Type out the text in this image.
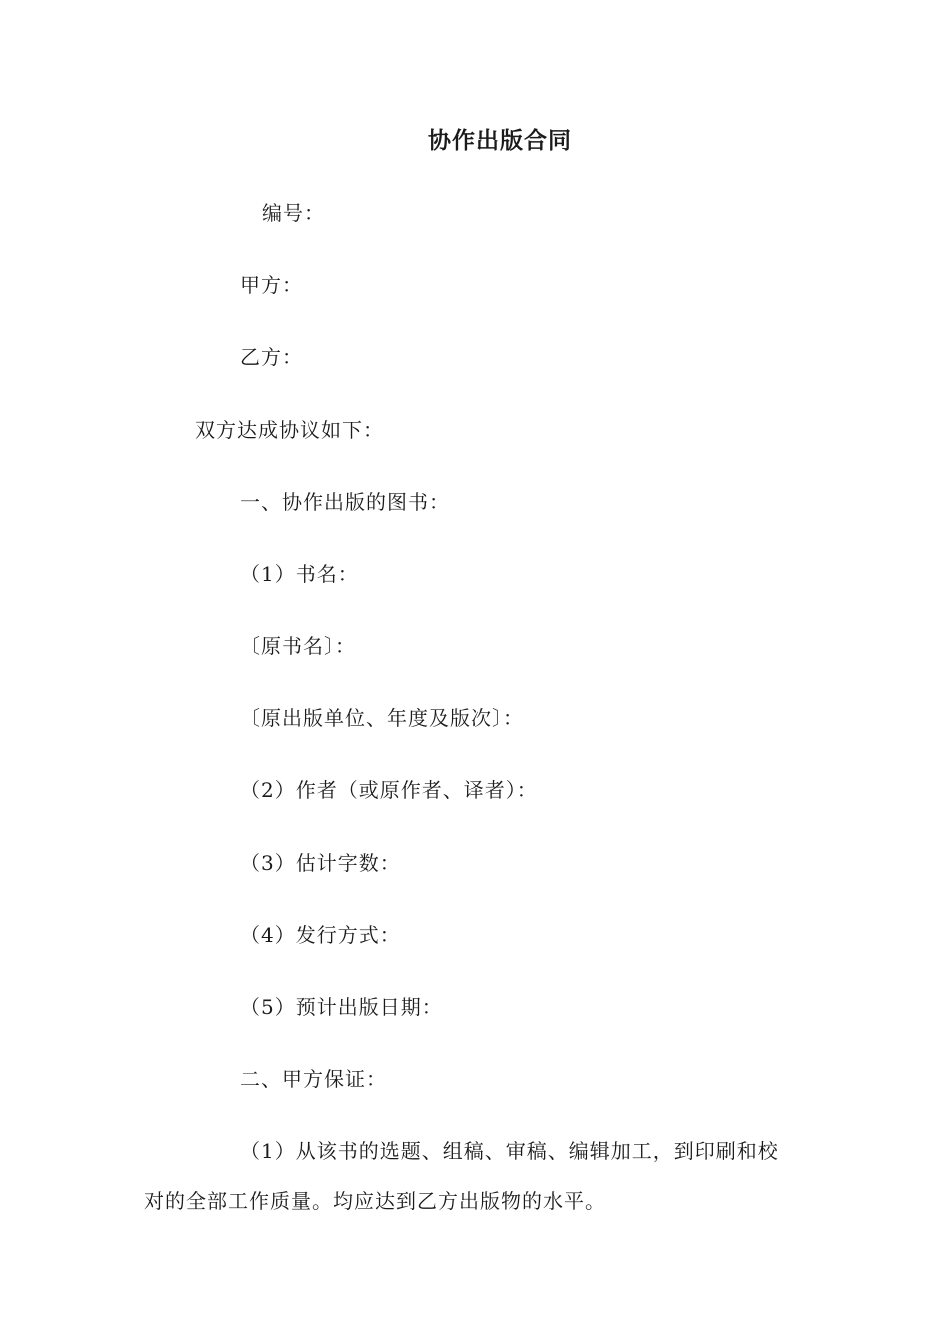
协作出版合同
编号：
甲方：
乙方：
双方达成协议如下：
一、协作出版的图书：
（1）书名：
〔原书名〕：
〔原出版单位、年度及版次〕：
（2）作者（或原作者、译者）：
（3）估计字数：
（4）发行方式：
（5）预计出版日期：
二、甲方保证：
（1）从该书的选题、组稿、审稿、编辑加工，到印刷和校
对的全部工作质量。均应达到乙方出版物的水平。
